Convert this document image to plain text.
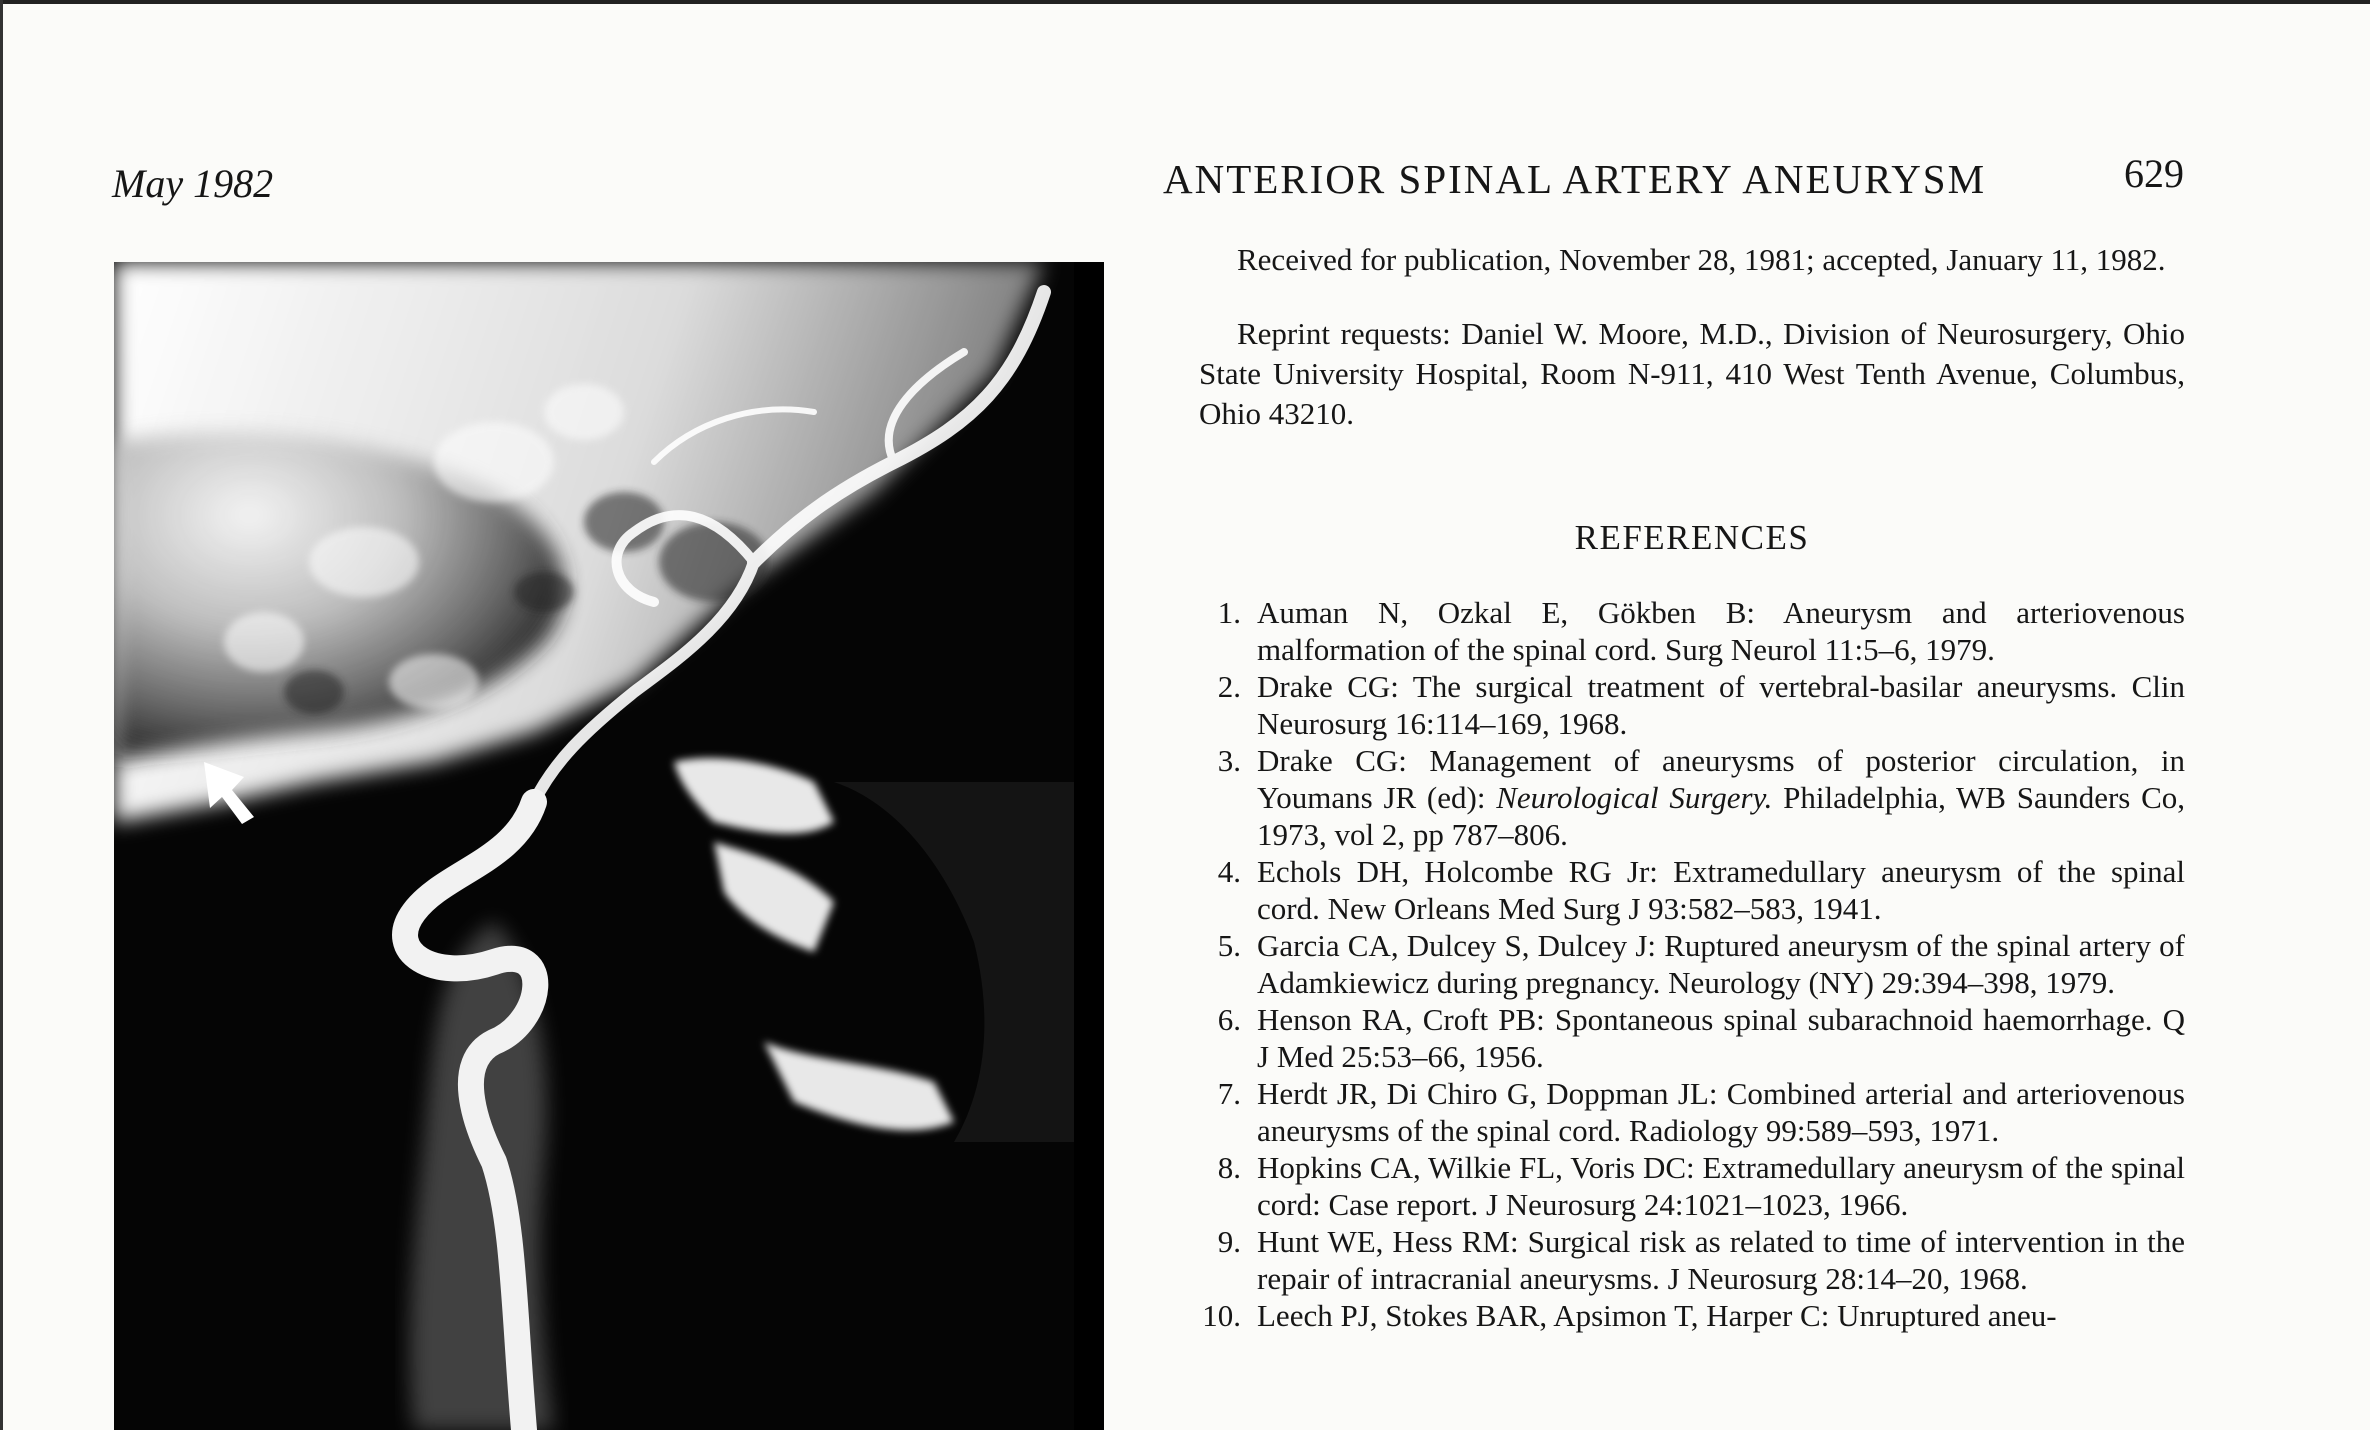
May 1982	ANTERIOR SPINAL ARTERY ANEURYSM	629

Received for publication, November 28, 1981; accepted, January 11, 1982.

Reprint requests: Daniel W. Moore, M.D., Division of Neurosurgery, Ohio State University Hospital, Room N-911, 410 West Tenth Avenue, Columbus, Ohio 43210.

REFERENCES
1. Auman N, Ozkal E, Gökben B: Aneurysm and arteriovenous malformation of the spinal cord. Surg Neurol 11:5–6, 1979.
2. Drake CG: The surgical treatment of vertebral-basilar aneurysms. Clin Neurosurg 16:114–169, 1968.
3. Drake CG: Management of aneurysms of posterior circulation, in Youmans JR (ed): Neurological Surgery. Philadelphia, WB Saunders Co, 1973, vol 2, pp 787–806.
4. Echols DH, Holcombe RG Jr: Extramedullary aneurysm of the spinal cord. New Orleans Med Surg J 93:582–583, 1941.
5. Garcia CA, Dulcey S, Dulcey J: Ruptured aneurysm of the spinal artery of Adamkiewicz during pregnancy. Neurology (NY) 29:394–398, 1979.
6. Henson RA, Croft PB: Spontaneous spinal subarachnoid haemorrhage. Q J Med 25:53–66, 1956.
7. Herdt JR, Di Chiro G, Doppman JL: Combined arterial and arteriovenous aneurysms of the spinal cord. Radiology 99:589–593, 1971.
8. Hopkins CA, Wilkie FL, Voris DC: Extramedullary aneurysm of the spinal cord: Case report. J Neurosurg 24:1021–1023, 1966.
9. Hunt WE, Hess RM: Surgical risk as related to time of intervention in the repair of intracranial aneurysms. J Neurosurg 28:14–20, 1968.
10. Leech PJ, Stokes BAR, Apsimon T, Harper C: Unruptured aneu-
